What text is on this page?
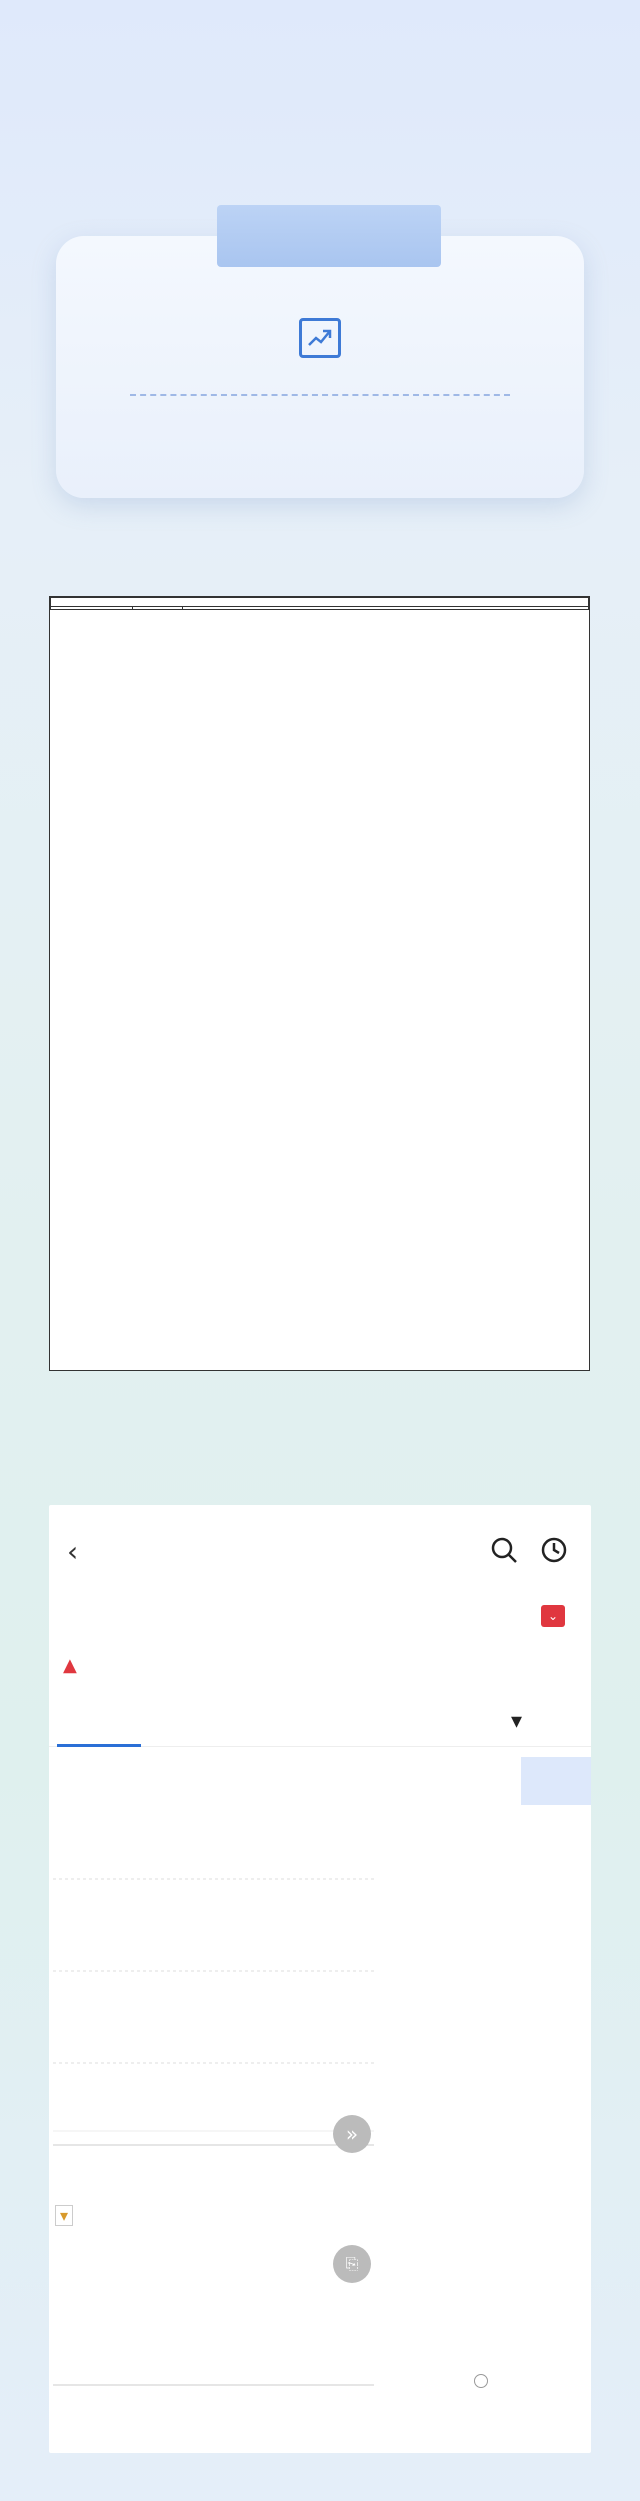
‹
▲
⌄
▾
»
⎘
▾
